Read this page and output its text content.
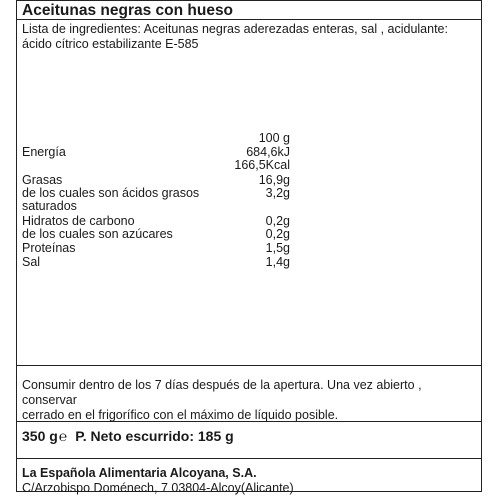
Aceitunas negras con hueso
Lista de ingredientes: Aceitunas negras aderezadas enteras, sal , acidulante:
ácido cítrico estabilizante E-585
100 g
Energía	684,6kJ
166,5Kcal
Grasas	16,9g
de los cuales son ácidos grasos	3,2g
saturados
Hidratos de carbono	0,2g
de los cuales son azúcares	0,2g
Proteínas	1,5g
Sal	1,4g
Consumir dentro de los 7 días después de la apertura. Una vez abierto , conservar
cerrado en el frigorífico con el máximo de líquido posible.
350 g℮ P. Neto escurrido: 185 g
La Española Alimentaria Alcoyana, S.A.
C/Arzobispo Doménech, 7 03804-Alcoy(Alicante)
